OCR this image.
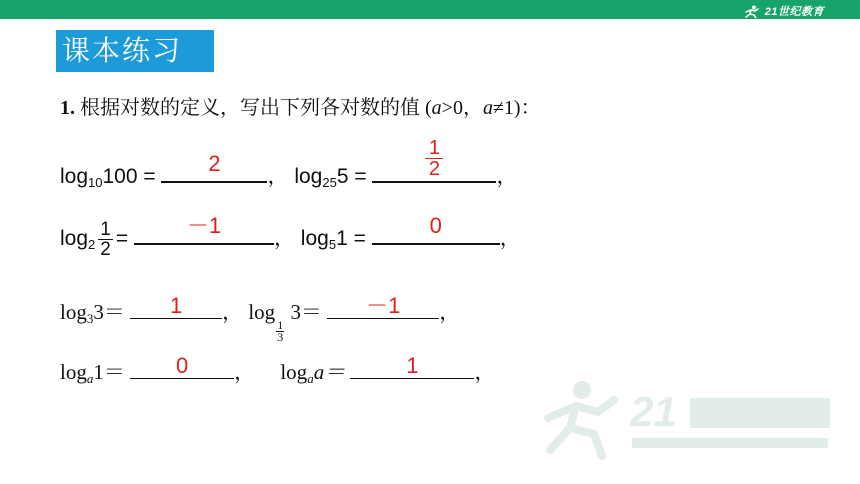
21世纪教育
课本练习
1. 根据对数的定义，写出下列各对数的值 (a>0，a≠1)：
$\log_{10}100$ =
2
， $\log_{25}5 = \frac{1}{2}$ ，
$\log_2 \frac{1}{2}$ =
－1
， $\log_51$ =
0
，
$\log_33=$	1	， log
$\frac{1}{3}$
3＝	－1	，
$\log_a1=$	0	， $\log_aa=$	1	，
21
